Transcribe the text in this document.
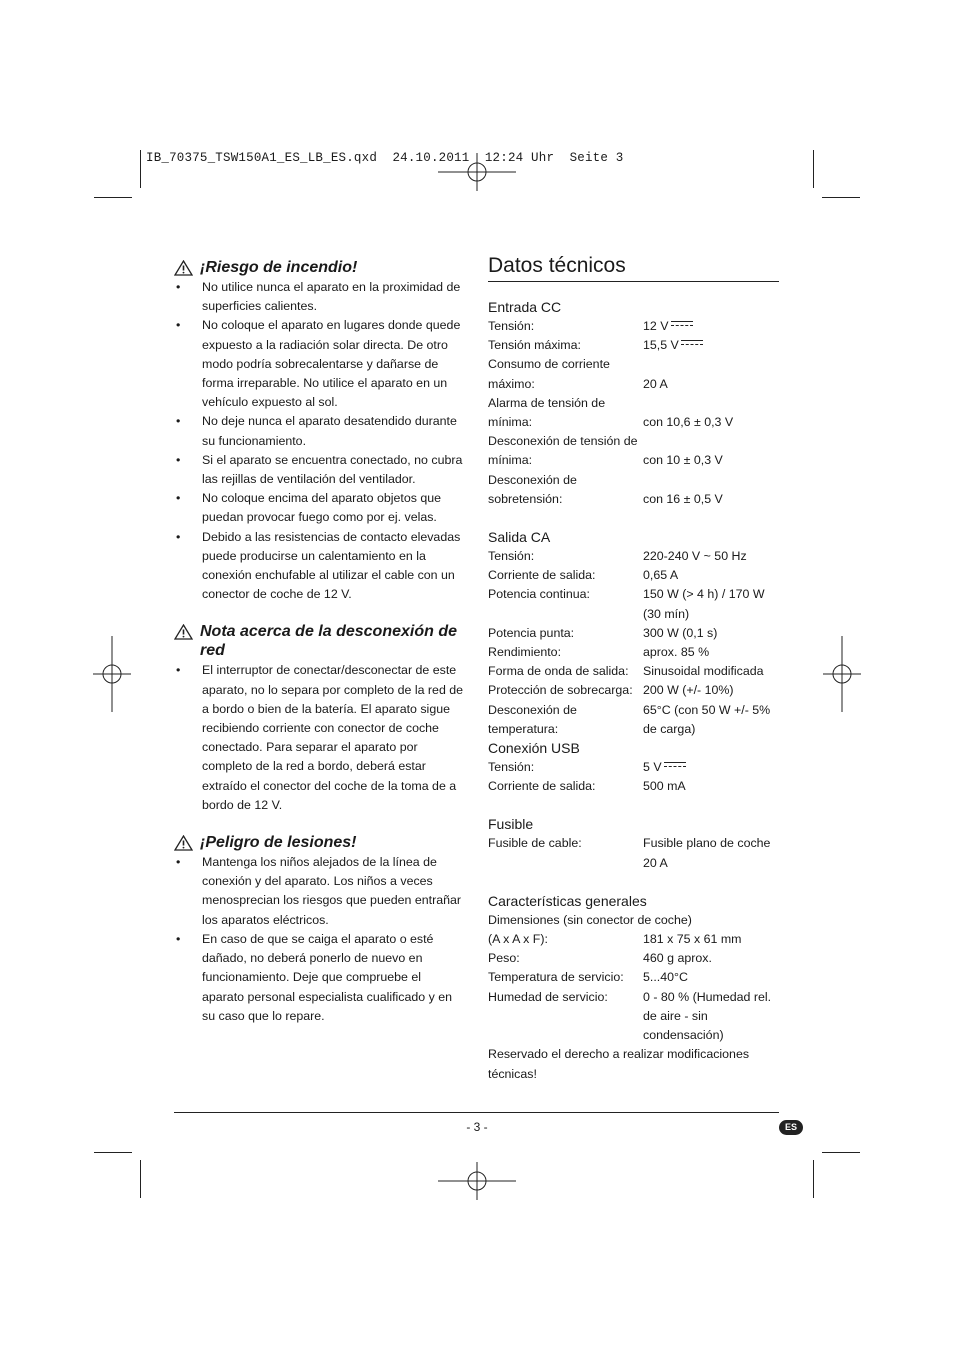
IB_70375_TSW150A1_ES_LB_ES.qxd  24.10.2011  12:24 Uhr  Seite 3
¡Riesgo de incendio!
• No utilice nunca el aparato en la proximidad de superficies calientes.
• No coloque el aparato en lugares donde quede expuesto a la radiación solar directa. De otro modo podría sobrecalentarse y dañarse de forma irreparable. No utilice el aparato en un vehículo expuesto al sol.
• No deje nunca el aparato desatendido durante su funcionamiento.
• Si el aparato se encuentra conectado, no cubra las rejillas de ventilación del ventilador.
• No coloque encima del aparato objetos que puedan provocar fuego como por ej. velas.
• Debido a las resistencias de contacto elevadas puede producirse un calentamiento en la conexión enchufable al utilizar el cable con un conector de coche de 12 V.
Nota acerca de la desconexión de red
• El interruptor de conectar/desconectar de este aparato, no lo separa por completo de la red de a bordo o bien de la batería. El aparato sigue recibiendo corriente con conector de coche conectado. Para separar el aparato por completo de la red a bordo, deberá estar extraído el conector del coche de la toma de a bordo de 12 V.
¡Peligro de lesiones!
• Mantenga los niños alejados de la línea de conexión y del aparato. Los niños a veces menosprecian los riesgos que pueden entrañar los aparatos eléctricos.
• En caso de que se caiga el aparato o esté dañado, no deberá ponerlo de nuevo en funcionamiento. Deje que compruebe el aparato personal especialista cualificado y en su caso que lo repare.
Datos técnicos
Entrada CC
Tensión:	12 V
Tensión máxima:	15,5 V
Consumo de corriente máximo:	20 A
Alarma de tensión de mínima:	con 10,6 ± 0,3 V
Desconexión de tensión de mínima:	con 10 ± 0,3 V
Desconexión de sobretensión:	con 16 ± 0,5 V
Salida CA
Tensión:	220-240 V ~ 50 Hz
Corriente de salida:	0,65 A
Potencia continua:	150 W (> 4 h) / 170 W (30 mín)
Potencia punta:	300 W (0,1 s)
Rendimiento:	aprox. 85 %
Forma de onda de salida:	Sinusoidal modificada
Protección de sobrecarga: 200 W (+/- 10%)
Desconexión de temperatura:
65°C (con 50 W +/- 5% de carga)
Conexión USB
Tensión:	5 V
Corriente de salida:	500 mA
Fusible
Fusible de cable:	Fusible plano de coche 20 A
Características generales
Dimensiones (sin conector de coche)
(A x A x F):	181 x 75 x 61 mm
Peso:	460 g aprox.
Temperatura de servicio:	5...40°C
Humedad de servicio:	0 - 80 % (Humedad rel. de aire - sin condensación)
Reservado el derecho a realizar modificaciones técnicas!
- 3 -	ES
